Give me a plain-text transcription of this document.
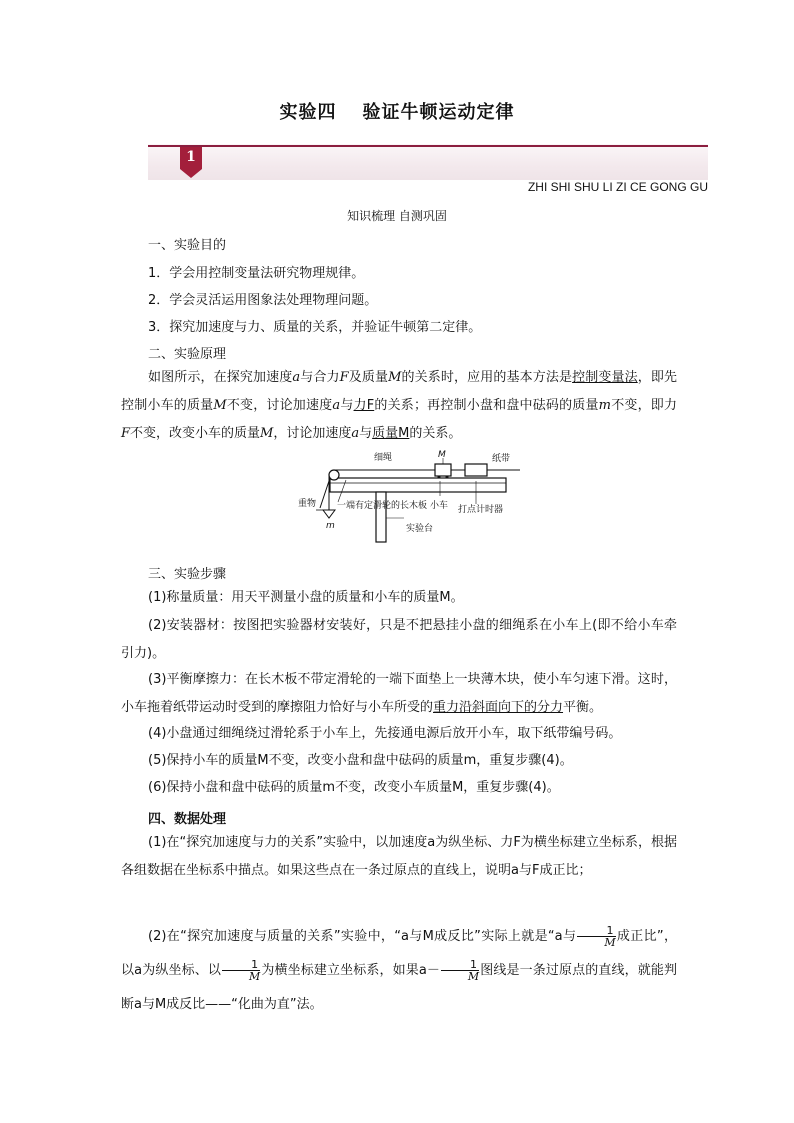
实验四 验证牛顿运动定律
1
ZHI SHI SHU LI ZI CE GONG GU
知识梳理 自测巩固
一、实验目的
1．学会用控制变量法研究物理规律。
2．学会灵活运用图象法处理物理问题。
3．探究加速度与力、质量的关系，并验证牛顿第二定律。
二、实验原理

如图所示，在探究加速度a与合力F及质量M的关系时，应用的基本方法是控制变量法，即先控制小车的质量M不变，讨论加速度a与力F的关系；再控制小盘和盘中砝码的质量m不变，即力F不变，改变小车的质量M，讨论加速度a与质量M的关系。

细绳	M	纸带
重物
m
一端有定滑轮的长木板 小车 打点计时器
实验台
三、实验步骤

(1)称量质量：用天平测量小盘的质量和小车的质量M。

(2)安装器材：按图把实验器材安装好，只是不把悬挂小盘的细绳系在小车上(即不给小车牵引力)。

(3)平衡摩擦力：在长木板不带定滑轮的一端下面垫上一块薄木块，使小车匀速下滑。这时，小车拖着纸带运动时受到的摩擦阻力恰好与小车所受的重力沿斜面向下的分力平衡。

(4)小盘通过细绳绕过滑轮系于小车上，先接通电源后放开小车，取下纸带编号码。

(5)保持小车的质量M不变，改变小盘和盘中砝码的质量m，重复步骤(4)。

(6)保持小盘和盘中砝码的质量m不变，改变小车质量M，重复步骤(4)。

四、数据处理

(1)在“探究加速度与力的关系”实验中，以加速度a为纵坐标、力F为横坐标建立坐标系，根据各组数据在坐标系中描点。如果这些点在一条过原点的直线上，说明a与F成正比；

(2)在“探究加速度与质量的关系”实验中，“a与M成反比”实际上就是“a与 $\frac{1}{M}$ 成正比”，以a为纵坐标、以 $\frac{1}{M}$ 为横坐标建立坐标系，如果$a- \frac{1}{M}$ 图线是一条过原点的直线，就能判断a与M成反比——“化曲为直”法。
